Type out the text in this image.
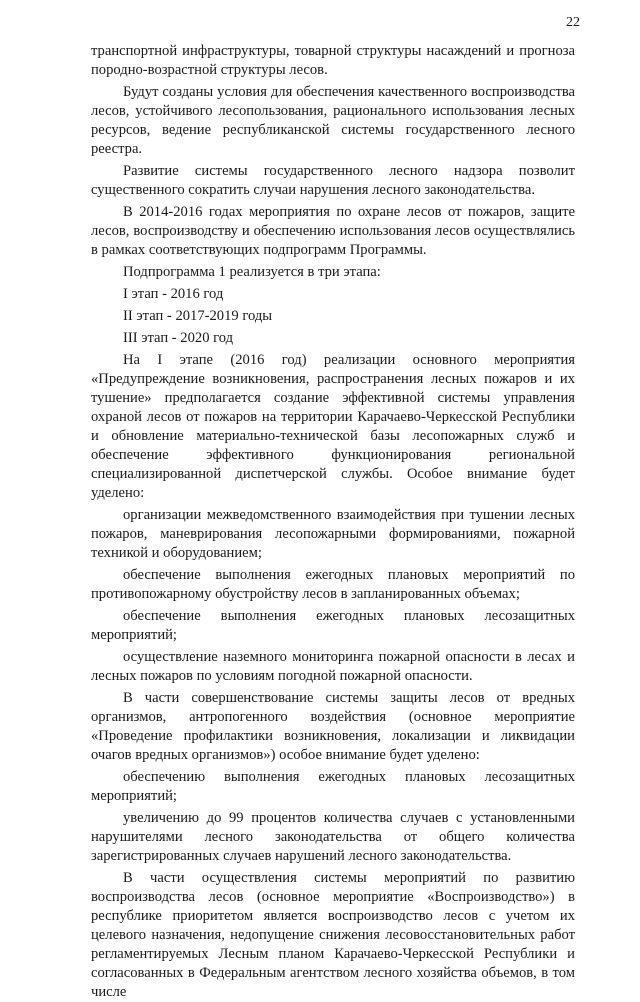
22

транспортной инфраструктуры, товарной структуры насаждений и прогноза породно-возрастной структуры лесов.

Будут созданы условия для обеспечения качественного воспроизводства лесов, устойчивого лесопользования, рационального использования лесных ресурсов, ведение республиканской системы государственного лесного реестра.

Развитие системы государственного лесного надзора позволит существенного сократить случаи нарушения лесного законодательства.

В 2014-2016 годах мероприятия по охране лесов от пожаров, защите лесов, воспроизводству и обеспечению использования лесов осуществлялись в рамках соответствующих подпрограмм Программы.

Подпрограмма 1 реализуется в три этапа:

I этап - 2016 год

II этап - 2017-2019 годы

III этап - 2020 год

На I этапе (2016 год) реализации основного мероприятия «Предупреждение возникновения, распространения лесных пожаров и их тушение» предполагается создание эффективной системы управления охраной лесов от пожаров на территории Карачаево-Черкесской Республики и обновление материально-технической базы лесопожарных служб и обеспечение эффективного функционирования региональной специализированной диспетчерской службы. Особое внимание будет уделено:

организации межведомственного взаимодействия при тушении лесных пожаров, маневрирования лесопожарными формированиями, пожарной техникой и оборудованием;

обеспечение выполнения ежегодных плановых мероприятий по противопожарному обустройству лесов в запланированных объемах;

обеспечение выполнения ежегодных плановых лесозащитных мероприятий;

осуществление наземного мониторинга пожарной опасности в лесах и лесных пожаров по условиям погодной пожарной опасности.

В части совершенствование системы защиты лесов от вредных организмов, антропогенного воздействия (основное мероприятие «Проведение профилактики возникновения, локализации и ликвидации очагов вредных организмов») особое внимание будет уделено:

обеспечению выполнения ежегодных плановых лесозащитных мероприятий;

увеличению до 99 процентов количества случаев с установленными нарушителями лесного законодательства от общего количества зарегистрированных случаев нарушений лесного законодательства.

В части осуществления системы мероприятий по развитию воспроизводства лесов (основное мероприятие «Воспроизводство») в республике приоритетом является воспроизводство лесов с учетом их целевого назначения, недопущение снижения лесовосстановительных работ регламентируемых Лесным планом Карачаево-Черкесской Республики и согласованных в Федеральным агентством лесного хозяйства объемов, в том числе
